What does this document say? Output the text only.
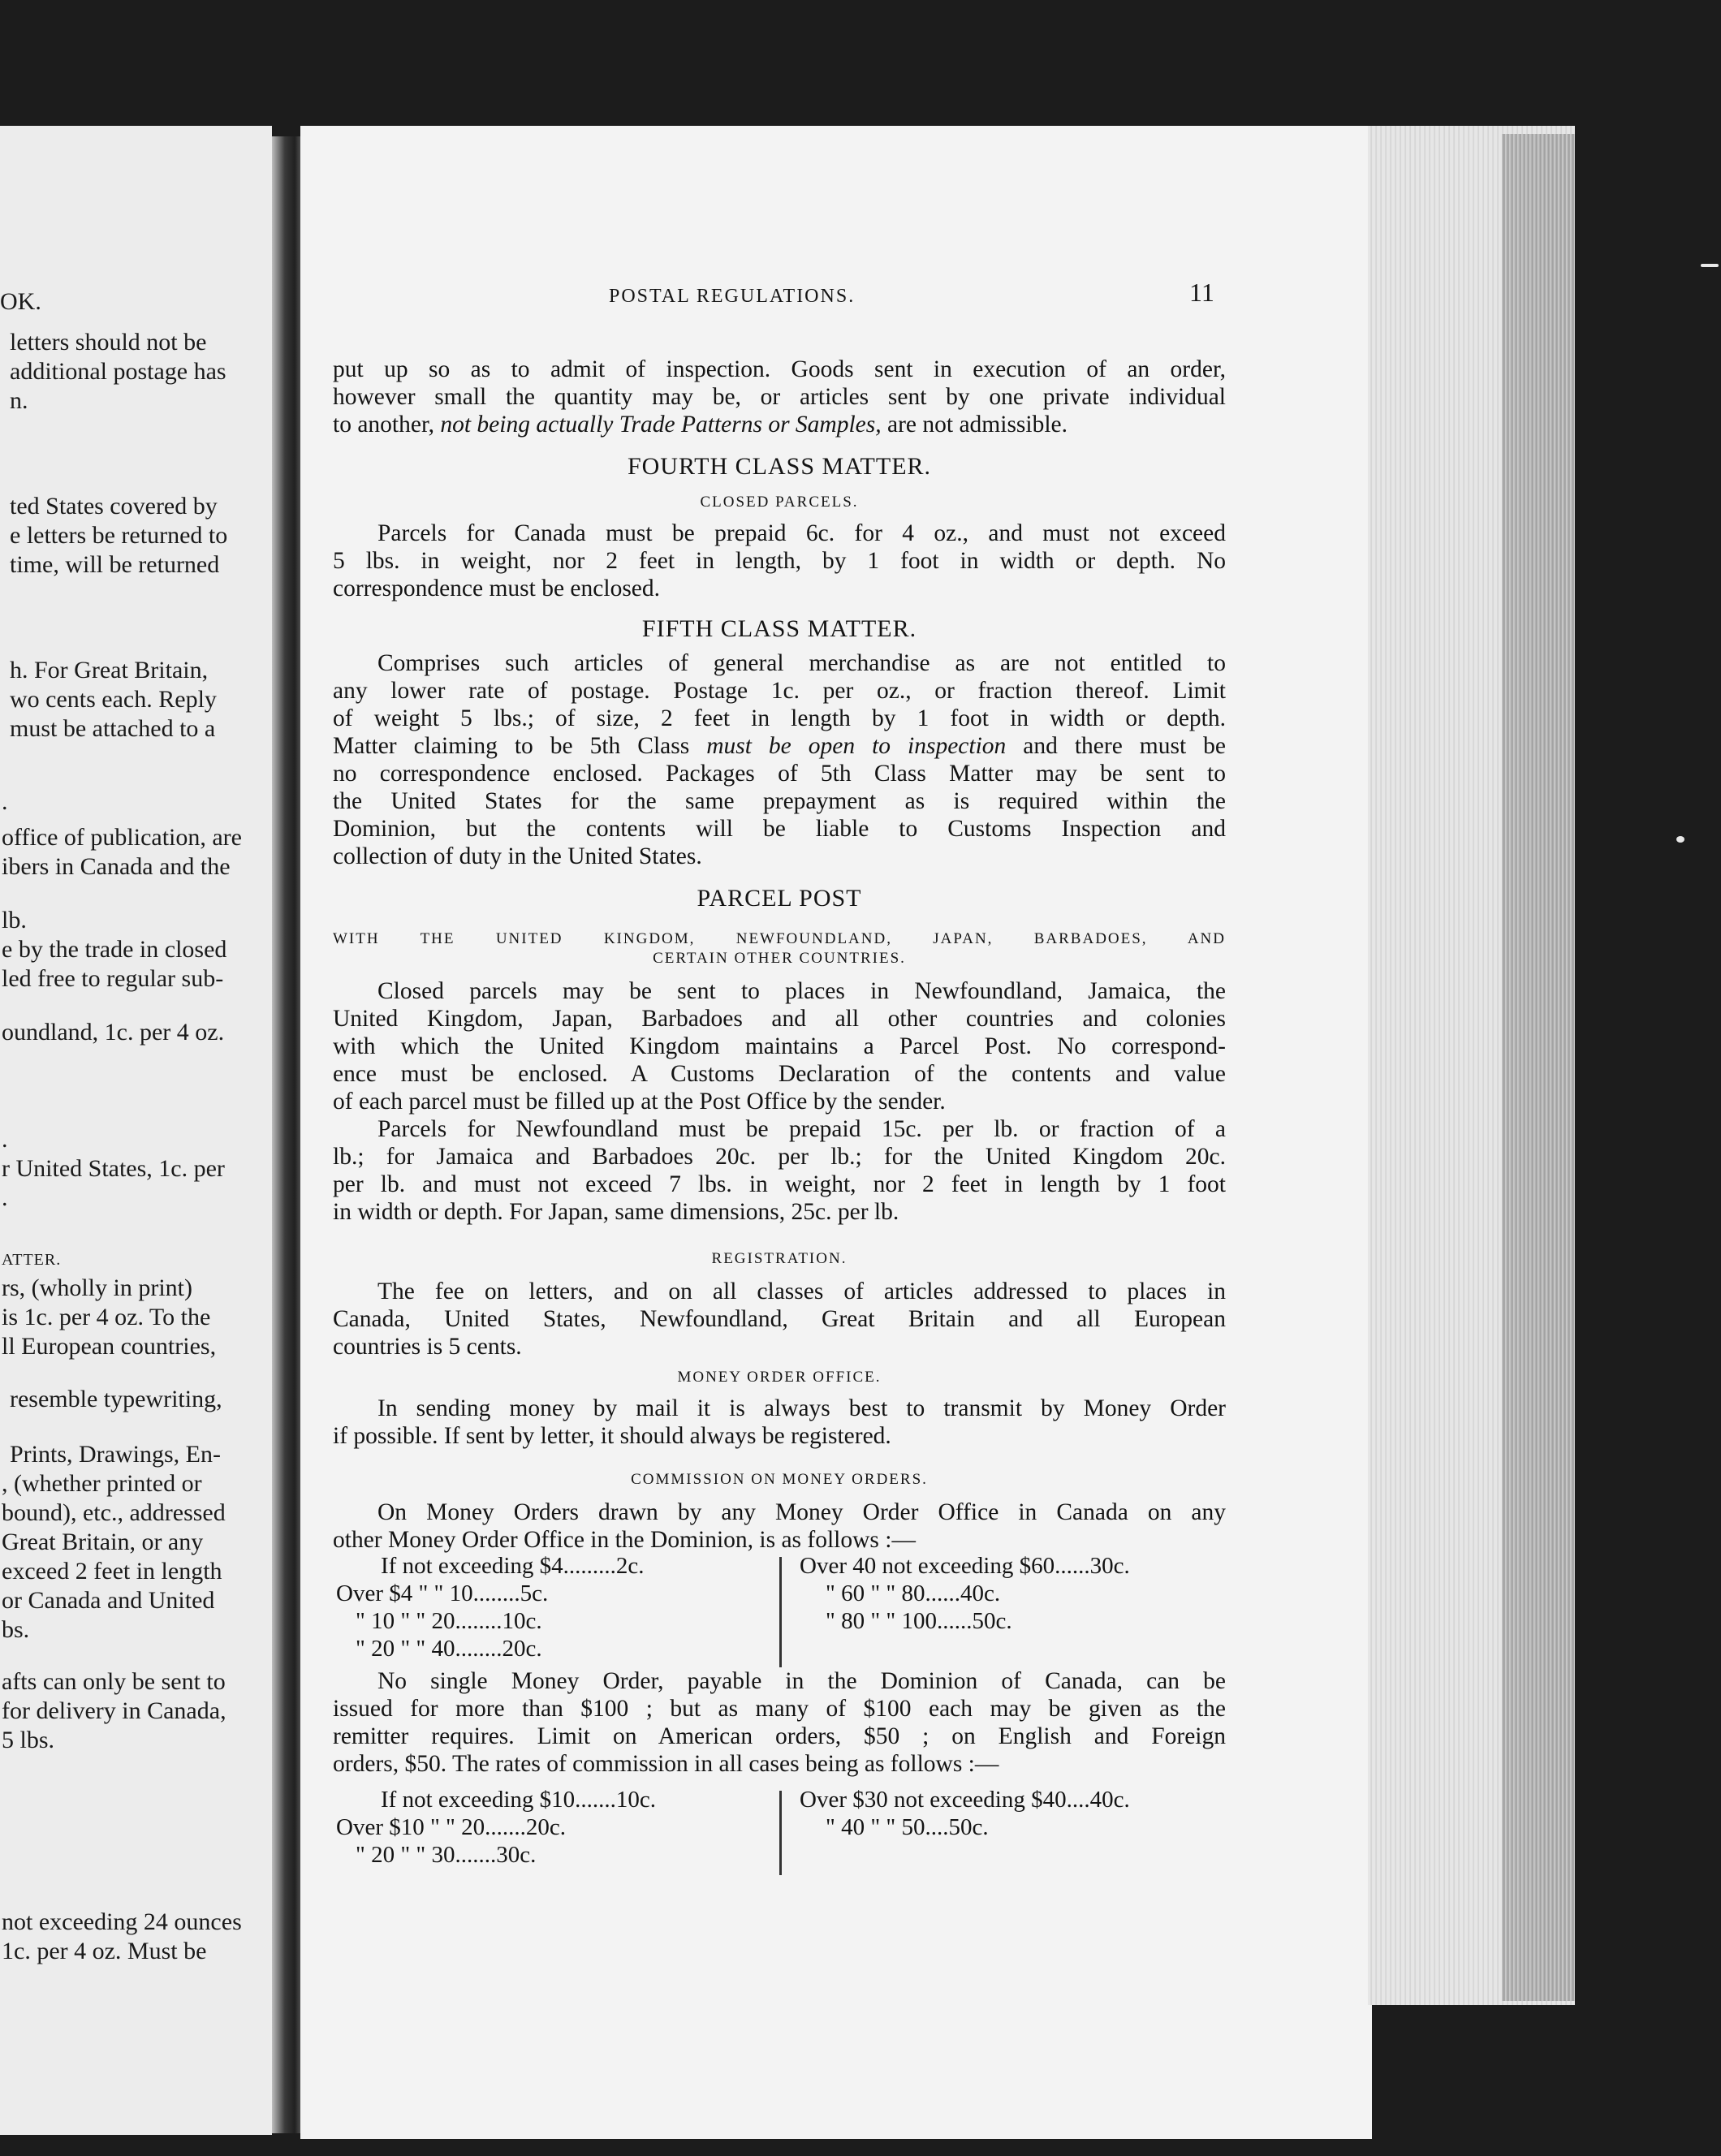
OK.
letters should not be
additional postage has
n.
ted States covered by
e letters be returned to
time, will be returned
h. For Great Britain,
wo cents each. Reply
must be attached to a
.
office of publication, are
ibers in Canada and the
lb.
e by the trade in closed
led free to regular sub-
oundland, 1c. per 4 oz.
.
r United States, 1c. per
.
ATTER.
rs, (wholly in print)
is 1c. per 4 oz. To the
ll European countries,
resemble typewriting,
Prints, Drawings, En-
, (whether printed or
bound), etc., addressed
Great Britain, or any
exceed 2 feet in length
or Canada and United
bs.
afts can only be sent to
for delivery in Canada,
5 lbs.
not exceeding 24 ounces
1c. per 4 oz. Must be
POSTAL REGULATIONS.	11
put up so as to admit of inspection. Goods sent in execution of an order,
however small the quantity may be, or articles sent by one private individual
to another, not being actually Trade Patterns or Samples, are not admissible.
FOURTH CLASS MATTER.
CLOSED PARCELS.
Parcels for Canada must be prepaid 6c. for 4 oz., and must not exceed
5 lbs. in weight, nor 2 feet in length, by 1 foot in width or depth. No
correspondence must be enclosed.
FIFTH CLASS MATTER.
Comprises such articles of general merchandise as are not entitled to
any lower rate of postage. Postage 1c. per oz., or fraction thereof. Limit
of weight 5 lbs.; of size, 2 feet in length by 1 foot in width or depth.
Matter claiming to be 5th Class must be open to inspection and there must be
no correspondence enclosed. Packages of 5th Class Matter may be sent to
the United States for the same prepayment as is required within the
Dominion, but the contents will be liable to Customs Inspection and
collection of duty in the United States.
PARCEL POST
WITH THE UNITED KINGDOM, NEWFOUNDLAND, JAPAN, BARBADOES, AND
CERTAIN OTHER COUNTRIES.
Closed parcels may be sent to places in Newfoundland, Jamaica, the
United Kingdom, Japan, Barbadoes and all other countries and colonies
with which the United Kingdom maintains a Parcel Post. No correspond-
ence must be enclosed. A Customs Declaration of the contents and value
of each parcel must be filled up at the Post Office by the sender.
Parcels for Newfoundland must be prepaid 15c. per lb. or fraction of a
lb.; for Jamaica and Barbadoes 20c. per lb.; for the United Kingdom 20c.
per lb. and must not exceed 7 lbs. in weight, nor 2 feet in length by 1 foot
in width or depth. For Japan, same dimensions, 25c. per lb.
REGISTRATION.
The fee on letters, and on all classes of articles addressed to places in
Canada, United States, Newfoundland, Great Britain and all European
countries is 5 cents.
MONEY ORDER OFFICE.
In sending money by mail it is always best to transmit by Money Order
if possible. If sent by letter, it should always be registered.
COMMISSION ON MONEY ORDERS.
On Money Orders drawn by any Money Order Office in Canada on any
other Money Order Office in the Dominion, is as follows :—
If not exceeding $4.........2c.
Over $4 " " 10........5c.
" 10 " " 20........10c.
" 20 " " 40........20c.
Over 40 not exceeding $60......30c.
" 60 " " 80......40c.
" 80 " " 100......50c.
No single Money Order, payable in the Dominion of Canada, can be
issued for more than $100 ; but as many of $100 each may be given as the
remitter requires. Limit on American orders, $50 ; on English and Foreign
orders, $50. The rates of commission in all cases being as follows :—
If not exceeding $10.......10c.
Over $10 " " 20.......20c.
" 20 " " 30.......30c.
Over $30 not exceeding $40....40c.
" 40 " " 50....50c.
